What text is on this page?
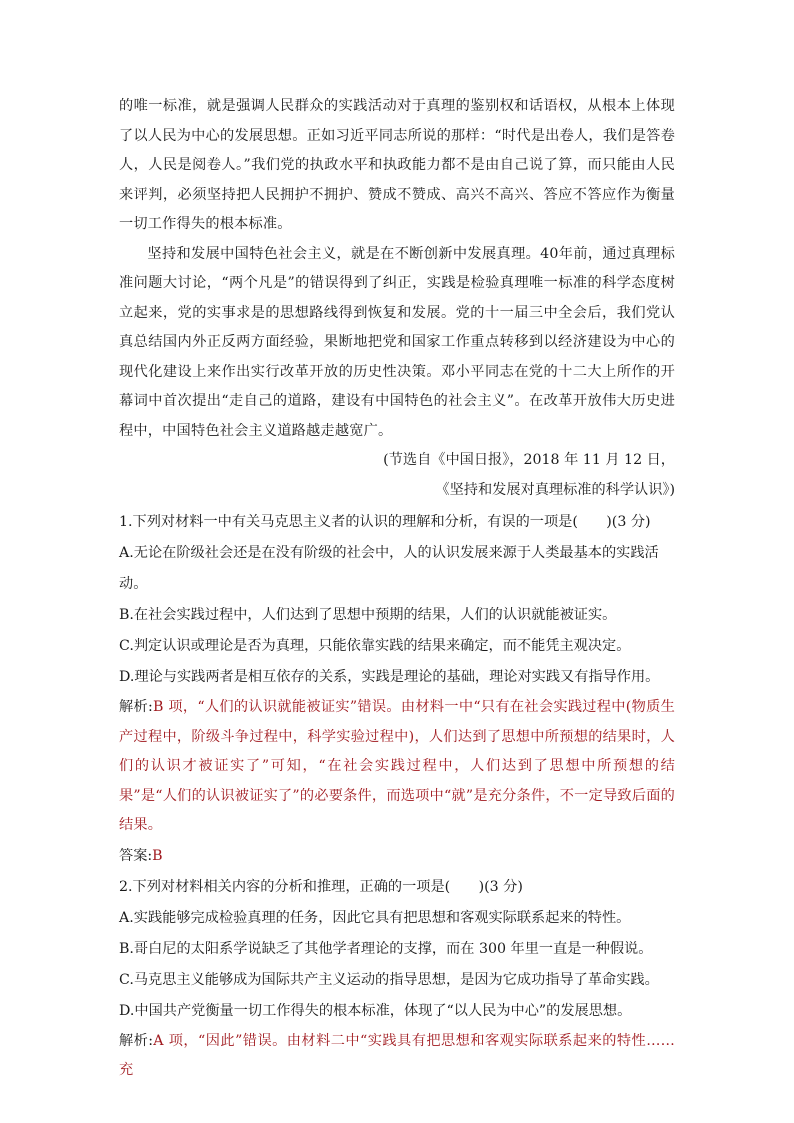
的唯一标准，就是强调人民群众的实践活动对于真理的鉴别权和话语权，从根本上体现了以人民为中心的发展思想。正如习近平同志所说的那样：“时代是出卷人，我们是答卷人，人民是阅卷人。”我们党的执政水平和执政能力都不是由自己说了算，而只能由人民来评判，必须坚持把人民拥护不拥护、赞成不赞成、高兴不高兴、答应不答应作为衡量一切工作得失的根本标准。

坚持和发展中国特色社会主义，就是在不断创新中发展真理。40年前，通过真理标准问题大讨论，“两个凡是”的错误得到了纠正，实践是检验真理唯一标准的科学态度树立起来，党的实事求是的思想路线得到恢复和发展。党的十一届三中全会后，我们党认真总结国内外正反两方面经验，果断地把党和国家工作重点转移到以经济建设为中心的现代化建设上来作出实行改革开放的历史性决策。邓小平同志在党的十二大上所作的开幕词中首次提出“走自己的道路，建设有中国特色的社会主义”。在改革开放伟大历史进程中，中国特色社会主义道路越走越宽广。

(节选自《中国日报》，2018 年 11 月 12 日，

《坚持和发展对真理标准的科学认识》)

1.下列对材料一中有关马克思主义者的认识的理解和分析，有误的一项是(　　)(3 分)

A.无论在阶级社会还是在没有阶级的社会中，人的认识发展来源于人类最基本的实践活动。

B.在社会实践过程中，人们达到了思想中预期的结果，人们的认识就能被证实。

C.判定认识或理论是否为真理，只能依靠实践的结果来确定，而不能凭主观决定。

D.理论与实践两者是相互依存的关系，实践是理论的基础，理论对实践又有指导作用。

解析:B 项，“人们的认识就能被证实”错误。由材料一中“只有在社会实践过程中(物质生产过程中，阶级斗争过程中，科学实验过程中)，人们达到了思想中所预想的结果时，人们的认识才被证实了”可知，“在社会实践过程中，人们达到了思想中所预想的结果”是“人们的认识被证实了”的必要条件，而选项中“就”是充分条件，不一定导致后面的结果。

答案:B

2.下列对材料相关内容的分析和推理，正确的一项是(　　)(3 分)

A.实践能够完成检验真理的任务，因此它具有把思想和客观实际联系起来的特性。

B.哥白尼的太阳系学说缺乏了其他学者理论的支撑，而在 300 年里一直是一种假说。

C.马克思主义能够成为国际共产主义运动的指导思想，是因为它成功指导了革命实践。

D.中国共产党衡量一切工作得失的根本标准，体现了“以人民为中心”的发展思想。

解析:A 项，“因此”错误。由材料二中“实践具有把思想和客观实际联系起来的特性……充
